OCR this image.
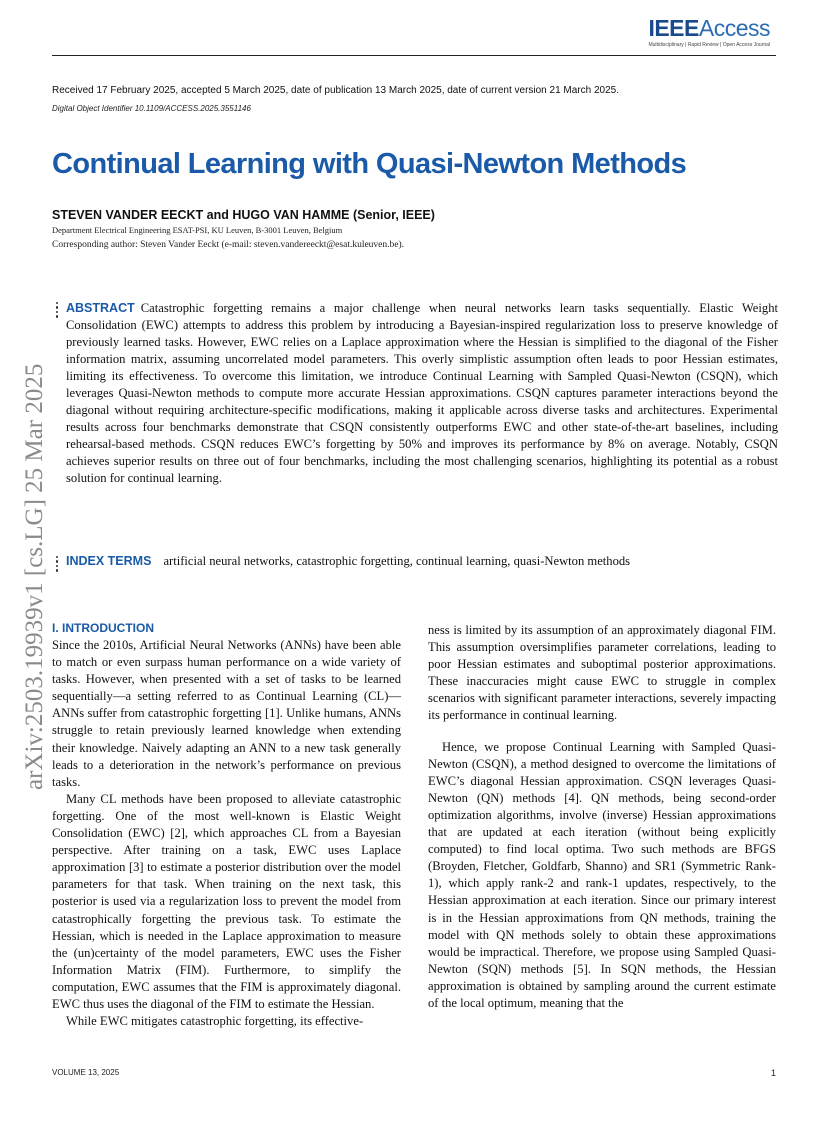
IEEEAccess
Multidisciplinary | Rapid Review | Open Access Journal
Received 17 February 2025, accepted 5 March 2025, date of publication 13 March 2025, date of current version 21 March 2025.
Digital Object Identifier 10.1109/ACCESS.2025.3551146
Continual Learning with Quasi-Newton Methods
STEVEN VANDER EECKT and HUGO VAN HAMME (Senior, IEEE)
Department Electrical Engineering ESAT-PSI, KU Leuven, B-3001 Leuven, Belgium
Corresponding author: Steven Vander Eeckt (e-mail: steven.vandereeckt@esat.kuleuven.be).
arXiv:2503.19939v1 [cs.LG] 25 Mar 2025
ABSTRACT Catastrophic forgetting remains a major challenge when neural networks learn tasks sequentially. Elastic Weight Consolidation (EWC) attempts to address this problem by introducing a Bayesian-inspired regularization loss to preserve knowledge of previously learned tasks. However, EWC relies on a Laplace approximation where the Hessian is simplified to the diagonal of the Fisher information matrix, assuming uncorrelated model parameters. This overly simplistic assumption often leads to poor Hessian estimates, limiting its effectiveness. To overcome this limitation, we introduce Continual Learning with Sampled Quasi-Newton (CSQN), which leverages Quasi-Newton methods to compute more accurate Hessian approximations. CSQN captures parameter interactions beyond the diagonal without requiring architecture-specific modifications, making it applicable across diverse tasks and architectures. Experimental results across four benchmarks demonstrate that CSQN consistently outperforms EWC and other state-of-the-art baselines, including rehearsal-based methods. CSQN reduces EWC’s forgetting by 50% and improves its performance by 8% on average. Notably, CSQN achieves superior results on three out of four benchmarks, including the most challenging scenarios, highlighting its potential as a robust solution for continual learning.
INDEX TERMS artificial neural networks, catastrophic forgetting, continual learning, quasi-Newton methods
I. INTRODUCTION

Since the 2010s, Artificial Neural Networks (ANNs) have been able to match or even surpass human performance on a wide variety of tasks. However, when presented with a set of tasks to be learned sequentially—a setting referred to as Continual Learning (CL)—ANNs suffer from catastrophic forgetting [1]. Unlike humans, ANNs struggle to retain previously learned knowledge when extending their knowledge. Naively adapting an ANN to a new task generally leads to a deterioration in the network’s performance on previous tasks.

Many CL methods have been proposed to alleviate catastrophic forgetting. One of the most well-known is Elastic Weight Consolidation (EWC) [2], which approaches CL from a Bayesian perspective. After training on a task, EWC uses Laplace approximation [3] to estimate a posterior distribution over the model parameters for that task. When training on the next task, this posterior is used via a regularization loss to prevent the model from catastrophically forgetting the previous task. To estimate the Hessian, which is needed in the Laplace approximation to measure the (un)certainty of the model parameters, EWC uses the Fisher Information Matrix (FIM). Furthermore, to simplify the computation, EWC assumes that the FIM is approximately diagonal. EWC thus uses the diagonal of the FIM to estimate the Hessian.

While EWC mitigates catastrophic forgetting, its effective-

ness is limited by its assumption of an approximately diagonal FIM. This assumption oversimplifies parameter correlations, leading to poor Hessian estimates and suboptimal posterior approximations. These inaccuracies might cause EWC to struggle in complex scenarios with significant parameter interactions, severely impacting its performance in continual learning.

Hence, we propose Continual Learning with Sampled Quasi-Newton (CSQN), a method designed to overcome the limitations of EWC’s diagonal Hessian approximation. CSQN leverages Quasi-Newton (QN) methods [4]. QN methods, being second-order optimization algorithms, involve (inverse) Hessian approximations that are updated at each iteration (without being explicitly computed) to find local optima. Two such methods are BFGS (Broyden, Fletcher, Goldfarb, Shanno) and SR1 (Symmetric Rank-1), which apply rank-2 and rank-1 updates, respectively, to the Hessian approximation at each iteration. Since our primary interest is in the Hessian approximations from QN methods, training the model with QN methods solely to obtain these approximations would be impractical. Therefore, we propose using Sampled Quasi-Newton (SQN) methods [5]. In SQN methods, the Hessian approximation is obtained by sampling around the current estimate of the local optimum, meaning that the

VOLUME 13, 2025	1
